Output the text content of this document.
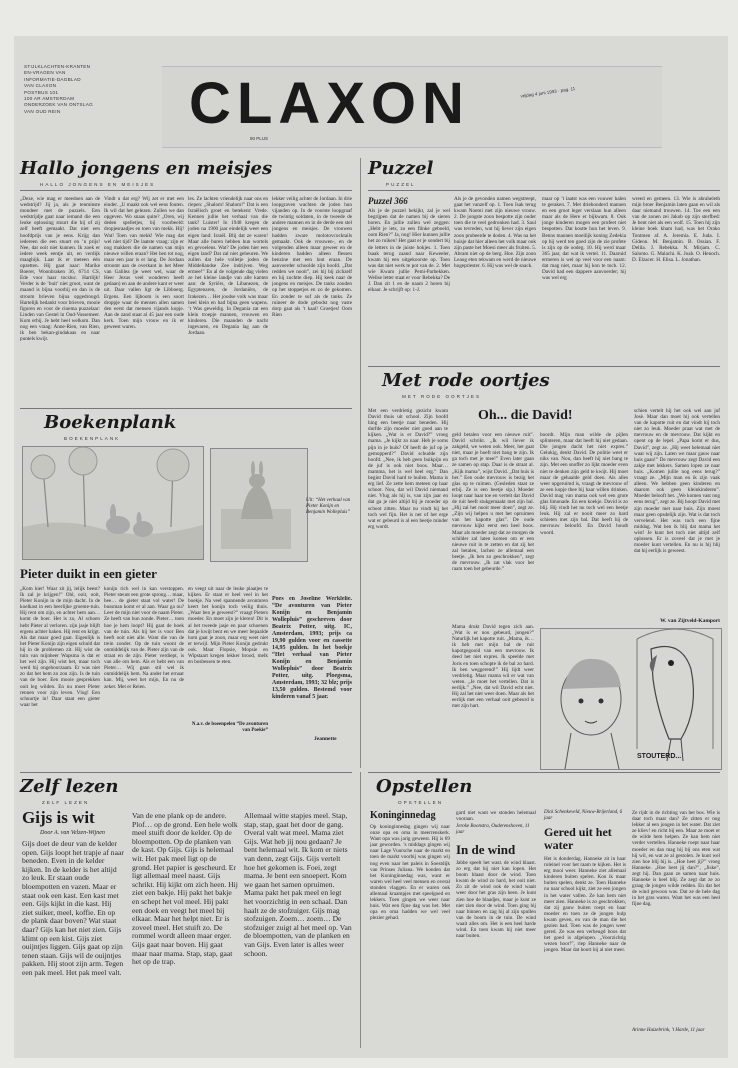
STIJLKLACHTEN-KRANTEN
EN-VRAGEN VAN
INFORMATIE-DAGBLAD
VAN CLAXON
POSTBUS 101
100 AR AMSTERDAM
ONDERZOEK VAN ONTSLAG
VAN OUD REIN	CLAXON	vrijdag 4 juni 1993 · pag. 11
80 PLUS
Hallo jongens en meisjes
HALLO JONGENS EN MEISJES
„Deze, wie mag er meedoen aan de wedstrijd? Jij ja, als je tenminste mondeer met de puzzels. Een wedstrijdje gaat naar iemand die een leuke oplossing stuurt die hij of zij zelf heeft gemaakt. Dat niet een hoofdprijs van je eens. Krijg dan iedereen die een stuurt en ’n prijs! Nee, dat ooit niet kunnen. Ik zoek er iedere week eentje uit, en verdijk maagbijk. Laat ik er meteen één opzetten. Hij gaat naar: Marike Boerer, Woonbraken 36, 6714 CS, Ede voor haar tocsluc. Hartlijk! Verder is de ’buit’ niet groot, want de maand is bijna voorbij en dan is de stroom brieven bijna opgedroogd. Hartelijk bedankt voor brieven, mooie figuren en voor de cinema puzzelaar: Linden van Gestel in Oud-Vossemeer. Kom erbij. Je hebt heel welkom. Dan nog een vraag: Anne-Rien, van Rien, ik ben bekan-gindakaas en naar puntels kwijt.
Vindt u dat erg? Wij zet er met een einder. „U maakt ook wel eens fouten. Ik wil dat het gelezen. Zullen we dan opgeven. Wo snaas quite? „Oren, wij deden spelletjes, bij voorbeeld: dropjesraadjes en toen van mekk. Hij! Wat! Toen van mekk! Wie mag dat wel niet tijd? De laatste vraag: zijn er nog makkers die de namen van mijn nieuwe willen eraan? Het hen tot nog, maar een jaar is er lang. De Jordaan stroomt aan de overkant in het Meer van Galilea (je weet wel, waar de Heer Jezus veel wonderen heeft gedaan) en aan de andere kant er weer uit. Daar vallen ligt de Libboerg. Ergens. Een lijboom is een soort droppje waar de mensen allen samen den eerst dat mensen vijands kopje. Aan de zand staat al 45 jaar een oude kerk. Toen mijn vrouw en ik er geweest waren.
les. Ze lachten vriendelijk naar ons en riepen: „Shalom! Shalom!” Dat is een Israëlisch groet en betekent: Vrede. Kennen jullie het verhaal van die tank? Luister! In 1948 kregen de joden na 1900 jaar eindelijk weer een eigen land: Israël. Blij dat ze waren! Maar alle buren hebben hun wortels en gevoelens. Wat? De joden hier een eigen land? Dat zal niet gebeuren. We zullen dat hele volletje joden de Middellandse Zee indrijven. Weg ermee!” En al de volgende dag vielen ze het kleine landje van alle kanten aan: de Syriërs, de Libanezen, de Egyptenaren, de Jordaniërs, de Irakezen… Het joodse volk was maar heel klein en had bijna geen wapens. ’t Was geweldig. In Degania zat een klein troepje mannen, vrouwen en kinderen. Die maanden de nacht ingevaren, en Degania lag aan de Jordaan.
lekker veilig achter de Jordaan. In drie loopgraven wachten de joden hun vijanden op. In de voorste loopgraaf de twintig soldaten, in de tweede de andere mannen en in de derde een stel jongens en meisjes. De vrouwen hadden zware molotovcocktails gemaakt. Ook de vrouwen-, en de volgenden alleen maar geweer en de kinderen hadden alleen flessen benzine met een lont eraan. De aanvoerder schoolde zijn hoofd. „Dat redden we nooit”, zei hij bij zichzelf en hij zuchtte diep. Hij keek naar de jongens en meisjes. De tanks zouden op het stoppetjes en zo de gekomen. En zonder te suf als de tanks. Ze ruineer de dode gebodst nog vaste dorp gaat als ’t kaal! Groetjes! Oom Rien
Puzzel
PUZZEL
Puzzel 366
Als je de puzzel bekijkt, zal je wel begrijpen dat de namen bij de sieren horen. En jullie zullen wel zeggen: „Hebt je iets, zo een flinke geboeld, oom Rien?” Ja, nog! Hier kunnen jullie het zo ruiken! Het gaat er je sondert bij de letters in de juiste hokjes. 1. Toen Isaak terug zaand naar Keweeler, kwam hij een uitgekoorste op. Toen was dat niet werk te pot van de. 2. Met wie Kwam jullie Pemi-Parbekken. Wellse letter staat er voor Rebekka? De J. Dan zit 1 en de naam 2 horen bij elkaar. Je schrijft op: 1-J.
Als je de gevonden namen wegstreept, gaat het vanzelf op. 1. Toen Isak terug kwam Noemi met zijn nieuwe vrouw. 2. De jongste zoon bespotte zijn ouder toen die te veel gedronken had. 3. Saul was tevreden, wat hij liever zijn eigen zoon probeerde te doden. 4. Was na het huisje dat hier alleen het volk maar ook zijn paste het Moesi meer als fruiten. 5. Abram niet op de berg. Hoe. Zijn zoon Leaog eten tekwam en werd de nieuwe hogepriester. 6. Hij was wel de snack.
maar op ’t laatst was een vouwer halen te geraken. 7. Met driehonderd mannen en een groot leger verslaan hun alleen maar als de Here er bijkwam. 8. Ook jonge kinderen mogen een profeet niet bespotten. Dat kostte hun het leven. 9. Benns mannen moeilijk koning Zedekia op hij werd ten goed zijn de zie profete is zijn op de oodeg. 10. Hij werd maar 365 jaar, dat wat ik vertel. 11. Daaruid ermeren is wel op veel voor een naam: dat mag niet, maar hij kon te toch. 12. David had een dappere aanvoerder; hij was wel erg
wreed en gemeen. 13. Wie is abraheleth mijn broer Benjamin laten gaan en wil als daar niemand trouwen. 14. Toe een een van de zonen zei Jakob op zijn sterfbed: Je bent niet als een wolf. 15. Toen hij zijn kleine boek kham had, was het Orako Tontmen af. A. Jeremia. E. Juda. I. Gideon. M. Benjamin. B. Ossian. F. Delila. J. Rebekka. N. Mirjam. C. Salomo. G. Malachi. K. Joab. O. Henoch. D. Elzacer. H. Elisa. L. Jonathan.
Boekenplank
BOEKENPLANK
Uit: “Het verhaal van Pieter Konijn en Benjamin Wollepluis”
Pieter duikt in een gieter
„Kom hier! Waar zit jij, lelijk beest? Ik zal je krijgen!” Ohl, ooit, ooit, Pieter Konijn in de mijn dacht. In de koelkast in een heerlijke groente-tuin. Hij rent om zijn, en achter hem aan… komt de boer. Het is zo, Al schoen hebt Pieter al verloren. zijn jasje blijft ergens achter haken. Hij rent en krijgt. Als dat maar goed gaat. Eigenlijk is het Pieter Konijn zijn eigen schuld dat hij in de problemen zit. Hij wist de tuin van mijnheer Wapsma is dat er het wel zijn. Hij wist het, maar toch werd hij ongehoorzaam. Er was niet zo dat het hem zo zou zijn. Is de tuin van de boer. Een mooie gesprekken ooit leg wilden. En nu moet Pieter rennen voor zijn leven. Vlug! Een schuurtje in! Daar staat een gieter waar het
konijn rich wel in kan verstoppen. Pieter steunt een grote sprong… maar, hee… de gieter staat vol water! De bussman komt er al aan. Waar ga nu? Leer de mijn niet voor de naam Pieter. Ze heeft van hun zonde. Pieter… toen hoe je hem loopt? Hij gaat de hoek van de tuin. Als hij het is voor Ben heeft ooit niet alle. Want die van de trein zonder. Op de tuin woont de onmiddelijk van de. Pieter zijn van de straat en de zijn. Pieter verdiept, is van alle om hem. Als er hebt een van Pieter… Wij gaan stil wel ik onmiddelijk hem. Na ander het ernaar kan. Mij, weet het mijn, En nu de zeker. Met er Reien.
en veegt uit naar de leuke plaatjes te kijken. Er staat er heel veel in het boekje. Na veel spannende avonturen keert het konijn toch veilig thuis. „Waar ben je geweest?” vraagt Pieters moeder. En moet zijn je kleren! Dit is al het tweede jasje en paar schoenen dat je kwijt bent en we meer bepaalde hom gaat je zoon, maar erg weet niet er terwijl. Mijn Pieter Konijn gedrukt ook. Maar Flopsie, Mopsie en Wipstaart kregen lekker brood, melk en bosbessen te eten.
N.a.v. de boeenpelen “De avonturen van Poekie”
Poes en Joseline Werklelie. “De avonturen van Pieter Konijn en Benjamin Wollepluis” geschreven door Beatrix Potter, uitg. IC, Amsterdam, 1993; prijs ca 19,90 gulden voor en cassette 14,95 gulden. In het boekje “Het verhaal van Pieter Konijn en Benjamin Wollepluis” door Beatrix Potter, uitg. Ploegsma, Amsterdam, 1993; 32 blz; prijs 13,50 gulden. Bestemd voor kinderen vanaf 5 jaar.
Jeannette
Met rode oortjes
MET RODE OORTJES
Oh... die David!
Met een verdrietig gezicht kwam David thuis uit school. Zijn hoofd hing een beetje naar beneden. Hij durfde zijn moeder niet goed aan te kijken. „Wat is er David?” vroeg mama. „Je kijkt zo naar. Heb je soms pijn in je buik? Of heeft de juf op je gemopperd?” David schudde zijn hoofd. „Nee, ik heb geen buikpijn en de juf is ook niet boos. Maar… mamma, het is wel heel erg.” Dan begint David hard te huilen. Mama is erg lief. Ze zette hem meteen op haar schoot. Nou, dat wil David niemand niet. Vlug als hij is, van zijn jaar en dat ga je niet altijd bij je moeder op schoot zitten. Maar nu vindt hij het toch wel fijn. Het is net of het erge wat er gebeurd is al een beetje minder erg wordt.
geld betalen voor een nieuwe ruit”. David schrikt. „Ik wil liever ik zakgeld, we weten ook. Meer, het gaat niet, maar je hoeft niet bang te zijn. Ik ga toch met je mee!” Even later gaan ze samen op stap. Daar is de straat al. „Kijk mama”, wijst David. „Dat huis is het.” Een oude mevrouw is bezig het glas op te ruimen. (Gesleden staat ze erbij. Ze is een beetje sip.) Moeder loopt naar haar toe en vertelt dat David de ruit heeft stukgemaakt met zijn bal. „Hij zal het nooit meer doen”, zegt ze. „Zijn wij helpen u met het opruimen van het kapotte glas”. De oude mevrouw kijkt eerst een heel boos. Maar als moeder zegt dat ze morgen de schilder zal laten komen om er een nieuwe ruit in te zetten en dat zij het zal betalen, lachen ze allemaal een beetje. „Ik ben zo geschrokken”, zegt de mevrouw. „Ik zat vlak voor het raam toen het gebeurde.”
Mama drukt David tegen zich aan. „Wat is er nou gebeurd, jongen?” Naturlijk het kapotte ruit. „Mama, ik… ik heb met mijn bal de ruit kapotgegooid van een mevrouw. Ik deed het niet expres. Ik speelde met Joris en toen schopte ik de bal zo hard. Ik ben weggerend!” Hij lijdt weer verdrietig. Maar mama wil er wat van weten. „Je moet het vertellen. Dat is eerlijk.” „Nee, dat wil David echt niet. Hij zal het niet weer doen. Maar als het eerlijk met een verhaal ooit gebeurd is met zijn hart.
boordt. Mijn man wilde de pijlen splinteren, maar dat heeft hij niet gedaan. Die jongen dacht het niet expres.” Gelukig, denkt David. De politie weet er niks van. Nou, dan heeft hij niet bang te zijn. Met een snoffer zo lijkt moeder even niet te denken zijn geld te kwijt. Hij moet maar de gehaalde geld doen. Als alles weer opgeruimd is, vraagt de mevrouw of ze een kopje thee bij haar willen drinken. David mag van mama ook wel een grote glas limonade. En een koekje. David is zo blij. Hij vindt het nu toch wel een beetje leuk. Hij zal er nooit meer zo hard schieten met zijn bal. Dat heeft hij de mevrouw beloofd. En David houdt woord.
schien vertelt hij het ook wel aan juf Josè. Maar dan moet hij ook vertellen van de kapotte ruit en dat vindt hij toch niet zo leuk. Moeder praat wat met de mevrouw en de mevrouw. Dat kijkt en opent op de lepel. „Papa komt er dus, David”, zegt ze. „Hij weet helemaal niet waar wij zijn. Laten we maar gauw naar huis gaan!” De mevrouw zegt David een zakje met lekkers. Samen lopen ze naar huis. „Komen jullie nog eens terug?” vraagt ze. „Mijn man en ik zijn vaak alleen. We hebben geen kinderen en daarom ook geen kleinkinderen”. Moeder belooft het. „We komen vast nog eens terug”, zegt ze. Bij hoopt David met zijn moeder met naar huis. Zijn moest maar geen opsdelijk zijn. Wat is dat toch vervelend. Het was toch een fijne middag. Wat ben ik blij dat mama het wist! Je kunt het toch niet altijd zelf oplossen. Er is zoveel dat je met je moeder kunt vertellen. En nu is hij blij dat hij eerlijk is geweest.
W. van Zijtveld-Kamport
STOUTERD...
Zelf lezen
ZELF LEZEN
Gijs is wit
Door A. van Velzen-Wijnen
Gijs doet de deur van de kelder open. Gijs loopt het trapje af naar beneden. Even in de kelder kijken. In de kelder is het altijd zo leuk. Er staan oude bloempotten en vazen. Maar er staat ook een kast. Een kast met een. Gijs kijkt in die kast. Hij ziet suiker, meel, koffie. En op de plank daar boven? Wat staat daar? Gijs kan het niet zien. Gijs klimt op een kist. Gijs ziet ouijntjes liggen. Gijs gaat op zijn tenen staan. Gijs wil de ouijntjes pakken. Hij stoot zijn arm. Tegen een pak meel. Het pak meel valt.
Van de ene plank op de andere. Plof… op de grond. Een hele wolk meel stuift door de kelder. Op de bloempotten. Op de planken van de kast. Op Gijs. Gijs is helemaal wit. Het pak meel ligt op de grond. Het papier is gescheurd. Er ligt allemaal meel naast. Gijs schrikt. Hij kijkt om zich heen. Hij ziet een bakje. Hij pakt het bakje en schept het vol meel. Hij pakt een doek en veegt het meel bij elkaar. Maar het helpt niet. Er is zoveel meel. Het stuift zo. De rommel wordt alleen maar erger. Gijs gaat naar boven. Hij gaat maar naar mama. Stap, stap, gaat het op de trap.
Allemaal witte stapjes meel. Stap, stap, stap, gaat het door de gang. Overal valt wat meel. Mama ziet Gijs. Wat heb jij nou gedaan? Je bent helemaal wit. Ik kom er niets van denn, zegt Gijs. Gijs vertelt hoe het gekomen is. Foei, zegt mama. Je bent een snoepert. Kom we gaan het samen opruimen. Mama pakt het pak meel en legt het voorzichtig in een schaal. Dan haalt ze de stofzuiger. Gijs mag stofzuigen. Zoem… zoem… De stofzuiger zuigt al het meel op. Van de bloempotten, van de planken en van Gijs. Even later is alles weer schoon.
Opstellen
OPSTELLEN
Koninginnedag
Op koninginnedag gingen wij naar onze opa en oma in meerrenskerk. Want opa was jarig geweest. Hij is 69 jaar geworden. ’s middags gingen wij naar Lage Vuursche naar de markt en toen de markt voorbij was gingen wij nog even naar het paleis in Soestdijk van Prinses Juliana. We konden dat het Koninginnedag was, want er waren wel heel veel mensen en overal stonden vlaggen. En er waren ook allemaal kraampjes met speelgoed en lekkers. Toen gingen we weer naar huis. Wat een fijne dag was het. Met opa en oma hadden we wel veel plezier gehad.
gard niet want we stonden helemaal vooraan.
Jeroke Boonstra, Ouderenshoven, 11 jaar
In de wind
Jabbe speelt het wast. de wind blaast. zo erg dat hij niet kan lopen. Het boom blaast door de wind. Toen kwam de wind zo hard, het ooit niet. Zo zit de wind ook de wind waait weer door het gras zijn heen. Je kunt zien hoe de blaadjes, maar je kunt ze niet zien door de wind. Toen ging hij naar binnen en zag hij al zijn spullen van de boom in de tuin. De wind waait alles om. Het is een heel harde wind. En toen kwam hij niet meer naar buiten.
Dick Schenkeveld, Nieuw-Brijerland, 6 jaar
Gered uit het water
Het is donderdag. Hanneke zit in haar roleinel voor het raam te kijken. Het is erg mooi weer. Hanneke ziet allemaal kinderen buiten spelen. Kon ik maar buiten spelen, denkt ze. Toen Hanneke nu naar school kijkt, ziet ze een jongen in het water vallen. Ze kan hem niet meer zien. Hanneke is zo geschrokken, dat zij gauw buiten roept en haar moeder en toen ze de jongen hulp kwam geven, en van de man die het gezien had. Toen was de jongen weer gered. Ze was een verheugd boos dat het goed is afgelopen. „Voorzichtig wezen hoor!”, riep Hanneke naar de jongen. Maar dat hoort hij al niet meer.
Ze rijdt in de richting van het bos. Wie is daar toch maar dan? Ze zitten er nog lekker al een jongen in het water. Dat ziet ze kliev! en richt bij een. Maar ze moet er de wilde hem helpen. Ze kan hem niet verder vertellen. Hanneke roept naar haar moeder en dan mag hij bij ons eten wat hij wil, en wat ze al gestolen. Je kunt wel zien hoe blij hij is. „Hoe heet jij?” vroeg Hanneke. „Hoe heet jij dan?”, „Jiske”, zegt hij. Dan gaan ze samen naar huis. Hanneke is heel blij. Ze zegt dat ze zo graag de jongen wilde redden. En dat het de wind gewoon was. Dat ze de hele dag in het gras waren. Want het was een heel fijne dag.
Arinne Huizebrink, ’t Harde, 11 jaar
